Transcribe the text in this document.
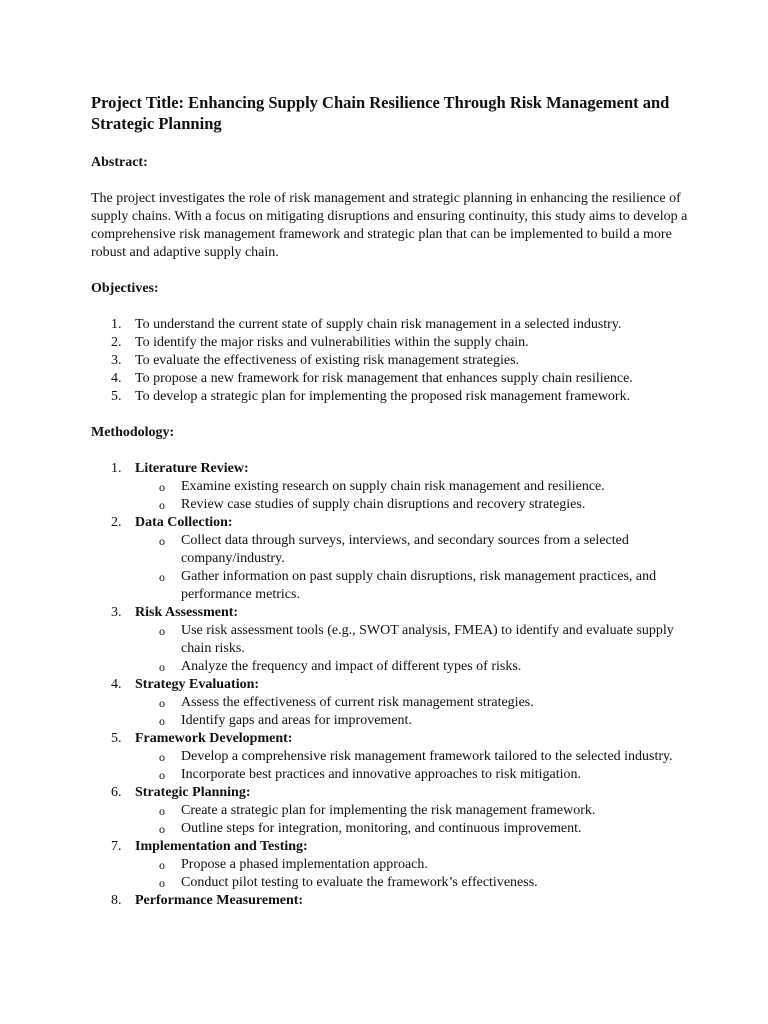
Project Title: Enhancing Supply Chain Resilience Through Risk Management and Strategic Planning
Abstract:

The project investigates the role of risk management and strategic planning in enhancing the resilience of supply chains. With a focus on mitigating disruptions and ensuring continuity, this study aims to develop a comprehensive risk management framework and strategic plan that can be implemented to build a more robust and adaptive supply chain.

Objectives:
1. To understand the current state of supply chain risk management in a selected industry.
2. To identify the major risks and vulnerabilities within the supply chain.
3. To evaluate the effectiveness of existing risk management strategies.
4. To propose a new framework for risk management that enhances supply chain resilience.
5. To develop a strategic plan for implementing the proposed risk management framework.
Methodology:
1. Literature Review:
o Examine existing research on supply chain risk management and resilience.
o Review case studies of supply chain disruptions and recovery strategies.
2. Data Collection:
o Collect data through surveys, interviews, and secondary sources from a selected company/industry.
o Gather information on past supply chain disruptions, risk management practices, and performance metrics.
3. Risk Assessment:
o Use risk assessment tools (e.g., SWOT analysis, FMEA) to identify and evaluate supply chain risks.
o Analyze the frequency and impact of different types of risks.
4. Strategy Evaluation:
o Assess the effectiveness of current risk management strategies.
o Identify gaps and areas for improvement.
5. Framework Development:
o Develop a comprehensive risk management framework tailored to the selected industry.
o Incorporate best practices and innovative approaches to risk mitigation.
6. Strategic Planning:
o Create a strategic plan for implementing the risk management framework.
o Outline steps for integration, monitoring, and continuous improvement.
7. Implementation and Testing:
o Propose a phased implementation approach.
o Conduct pilot testing to evaluate the framework’s effectiveness.
8. Performance Measurement:
